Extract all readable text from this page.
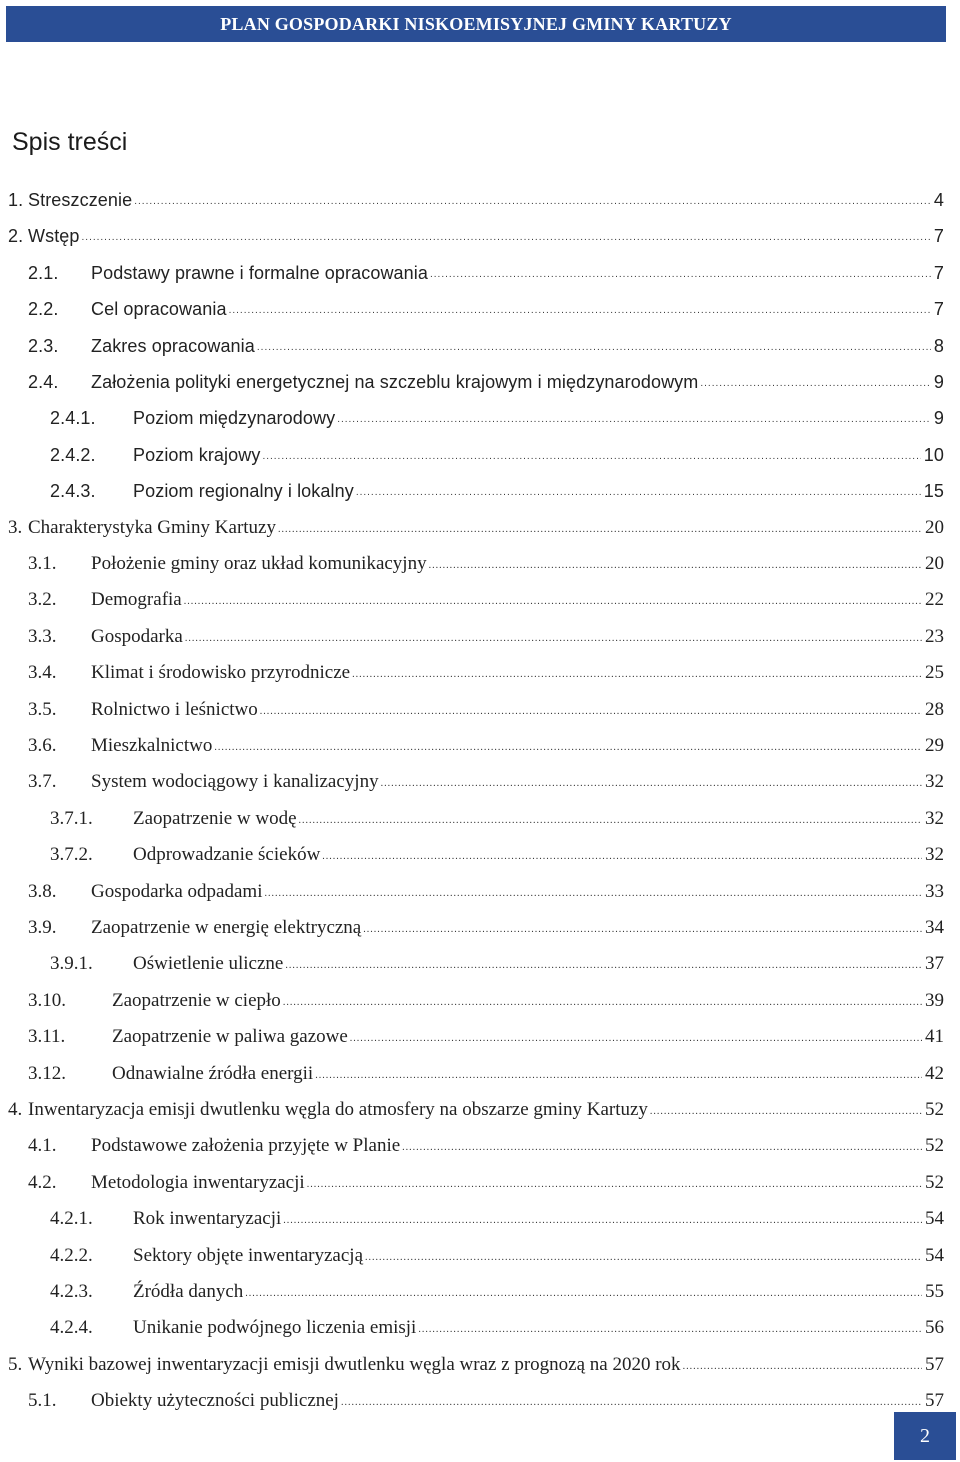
PLAN GOSPODARKI NISKOEMISYJNEJ GMINY KARTUZY
Spis treści
1. Streszczenie .....	4
2. Wstęp .....	7
2.1.	Podstawy prawne i formalne opracowania .....	7
2.2.	Cel opracowania .....	7
2.3.	Zakres opracowania .....	8
2.4.	Założenia polityki energetycznej na szczeblu krajowym i międzynarodowym .....	9
2.4.1.	Poziom międzynarodowy .....	9
2.4.2.	Poziom krajowy .....	10
2.4.3.	Poziom regionalny i lokalny .....	15
3. Charakterystyka Gminy Kartuzy .....	20
3.1.	Położenie gminy oraz układ komunikacyjny .....	20
3.2.	Demografia .....	22
3.3.	Gospodarka .....	23
3.4.	Klimat i środowisko przyrodnicze .....	25
3.5.	Rolnictwo i leśnictwo .....	28
3.6.	Mieszkalnictwo .....	29
3.7.	System wodociągowy i kanalizacyjny .....	32
3.7.1.	Zaopatrzenie w wodę .....	32
3.7.2.	Odprowadzanie ścieków .....	32
3.8.	Gospodarka odpadami .....	33
3.9.	Zaopatrzenie w energię elektryczną .....	34
3.9.1.	Oświetlenie uliczne .....	37
3.10.	Zaopatrzenie w ciepło .....	39
3.11.	Zaopatrzenie w paliwa gazowe .....	41
3.12.	Odnawialne źródła energii .....	42
4. Inwentaryzacja emisji dwutlenku węgla do atmosfery na obszarze gminy Kartuzy .....	52
4.1.	Podstawowe założenia przyjęte w Planie .....	52
4.2.	Metodologia inwentaryzacji .....	52
4.2.1.	Rok inwentaryzacji .....	54
4.2.2.	Sektory objęte inwentaryzacją .....	54
4.2.3.	Źródła danych .....	55
4.2.4.	Unikanie podwójnego liczenia emisji .....	56
5. Wyniki bazowej inwentaryzacji emisji dwutlenku węgla wraz z prognozą na 2020 rok .....	57
5.1.	Obiekty użyteczności publicznej .....	57
2
